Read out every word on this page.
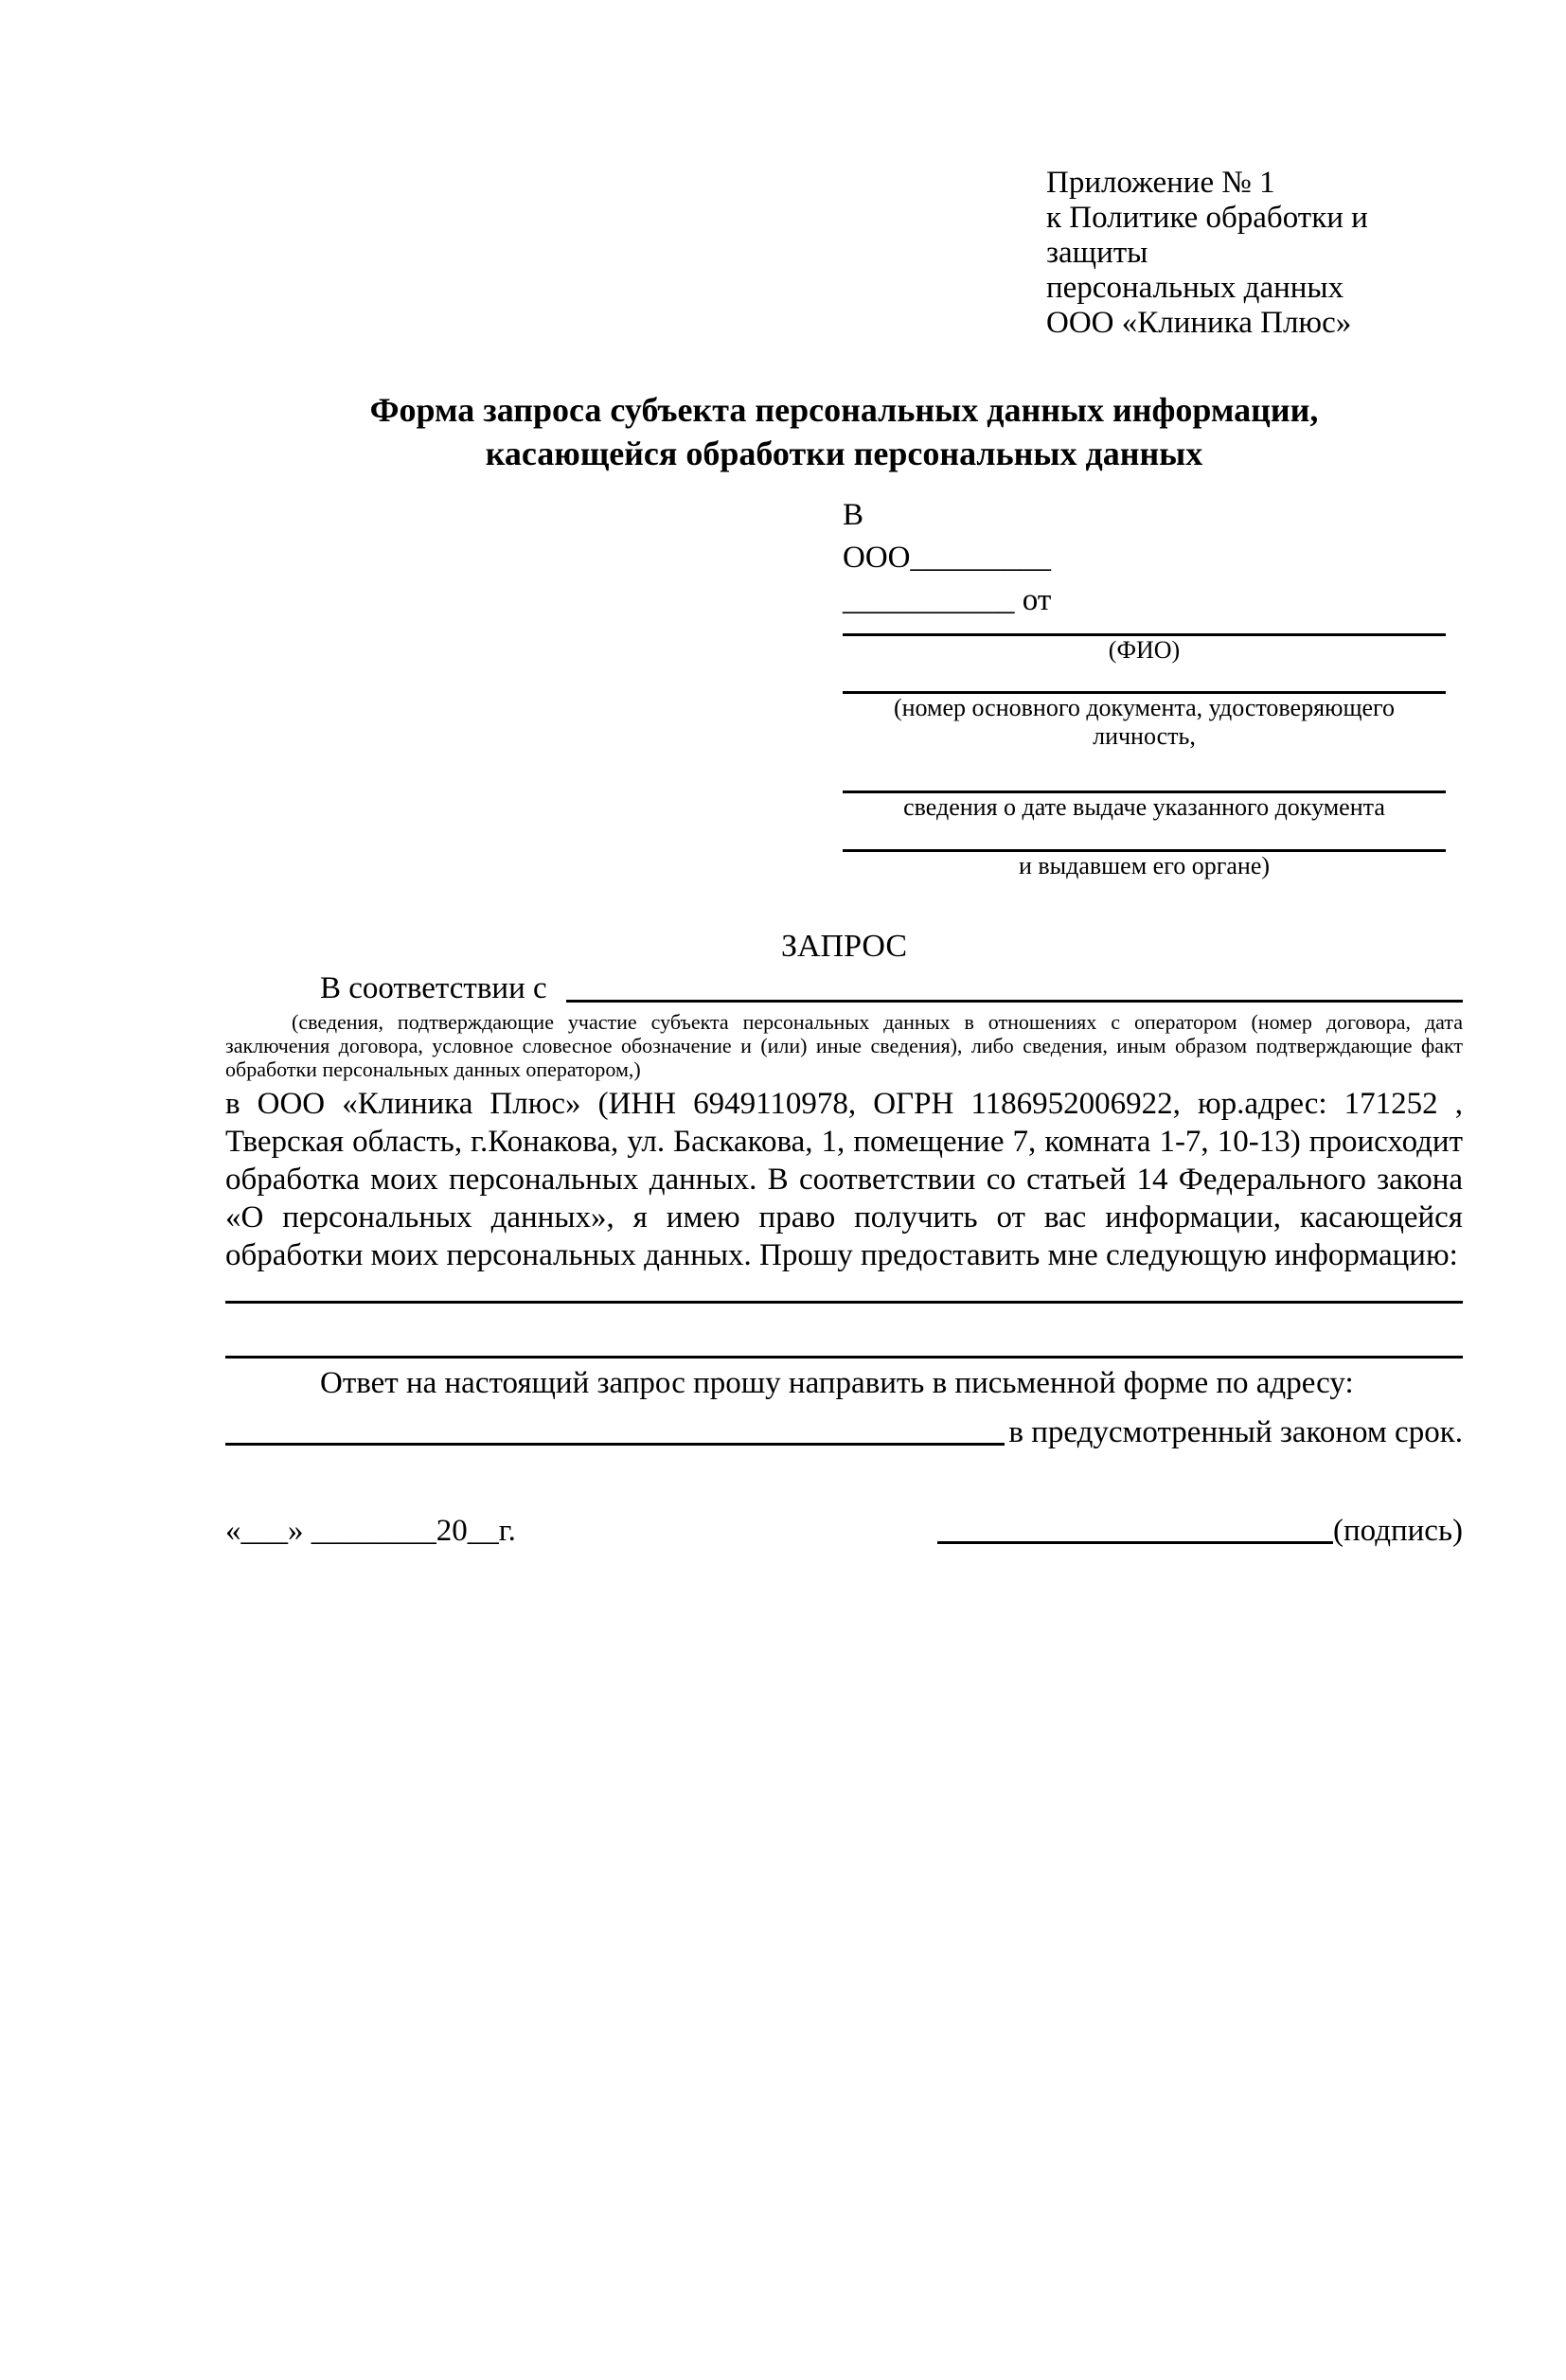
Приложение № 1
к Политике обработки и защиты
персональных данных
ООО «Клиника Плюс»
Форма запроса субъекта персональных данных информации,
касающейся обработки персональных данных
В
ООО_________
___________ от
(ФИО)
(номер основного документа, удостоверяющего личность,
сведения о дате выдаче указанного документа
и выдавшем его органе)
ЗАПРОС
В соответствии с
(сведения, подтверждающие участие субъекта персональных данных в отношениях с оператором (номер договора, дата заключения договора, условное словесное обозначение и (или) иные сведения), либо сведения, иным образом подтверждающие факт обработки персональных данных оператором,)
в ООО «Клиника Плюс» (ИНН 6949110978, ОГРН 1186952006922, юр.адрес: 171252 , Тверская область, г.Конакова, ул. Баскакова, 1, помещение 7, комната 1-7, 10-13) происходит обработка моих персональных данных. В соответствии со статьей 14 Федерального закона «О персональных данных», я имею право получить от вас информации, касающейся обработки моих персональных данных. Прошу предоставить мне следующую информацию:
Ответ на настоящий запрос прошу направить в письменной форме по адресу:
в предусмотренный законом срок.
«___» ________20__г.	(подпись)
